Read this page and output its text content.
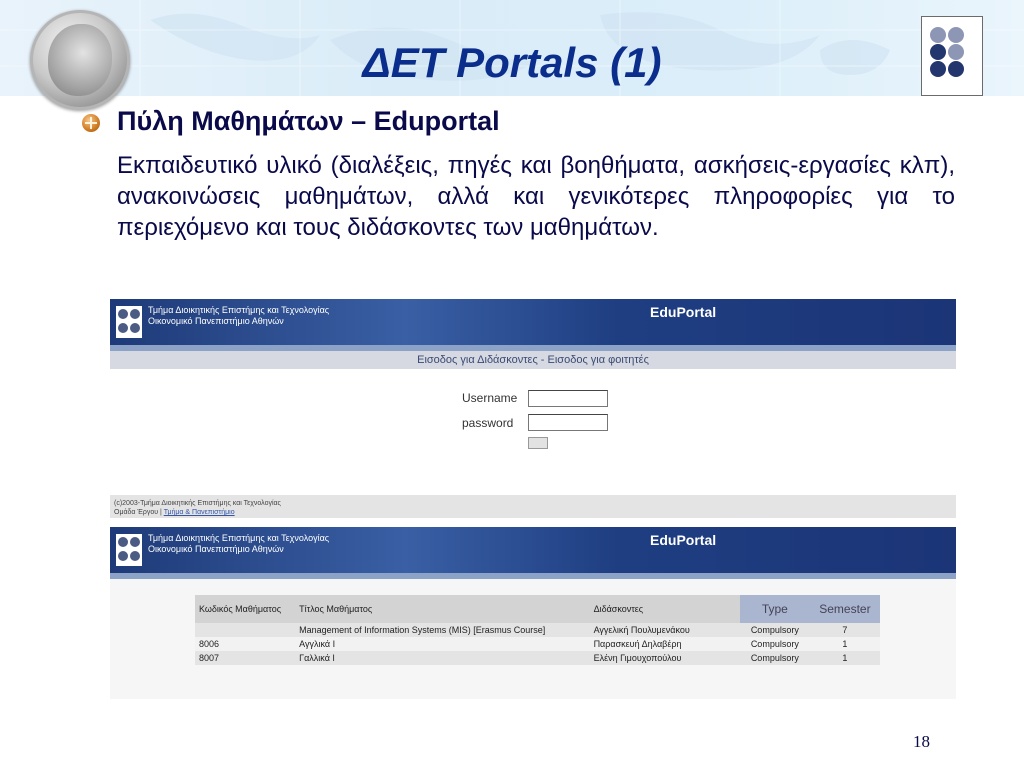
ΔΕΤ Portals (1)
Πύλη Μαθημάτων – Eduportal
Εκπαιδευτικό υλικό (διαλέξεις, πηγές και βοηθήματα, ασκήσεις-εργασίες κλπ), ανακοινώσεις μαθημάτων, αλλά και γενικότερες πληροφορίες για το περιεχόμενο και τους διδάσκοντες των μαθημάτων.
Τμήμα Διοικητικής Επιστήμης και Τεχνολογίας
Οικονομικό Πανεπιστήμιο Αθηνών
EduPortal
Εισοδος για Διδάσκοντες - Εισοδος για φοιτητές
Username
password
(c)2003-Τμήμα Διοικητικής Επιστήμης και Τεχνολογίας
Ομάδα Έργου | Τμήμα & Πανεπιστήμιο
Τμήμα Διοικητικής Επιστήμης και Τεχνολογίας
Οικονομικό Πανεπιστήμιο Αθηνών
EduPortal
Κωδικός Μαθήματος	Τίτλος Μαθήματος	Διδάσκοντες	Type	Semester
	Management of Information Systems (MIS) [Erasmus Course]	Αγγελική Πουλυμενάκου	Compulsory	7
8006	Αγγλικά I	Παρασκευή Δηλαβέρη	Compulsory	1
8007	Γαλλικά I	Ελένη Γιμουχοπούλου	Compulsory	1
18
